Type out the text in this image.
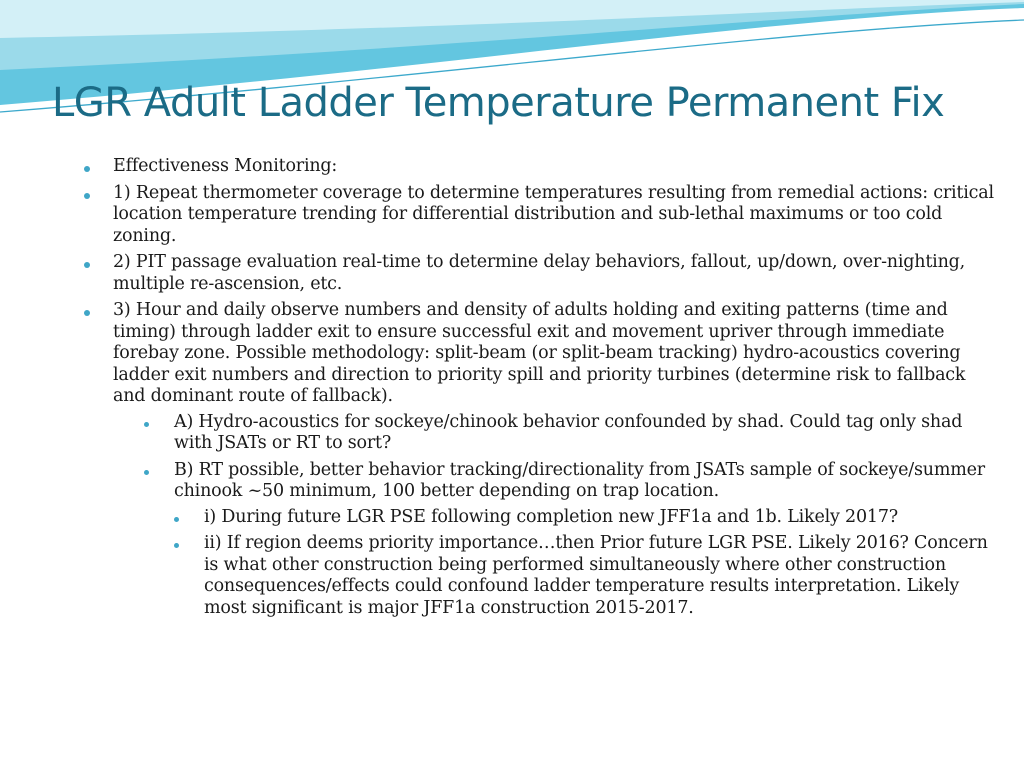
LGR Adult Ladder Temperature Permanent Fix
Effectiveness Monitoring:
1) Repeat thermometer coverage to determine temperatures resulting from remedial actions: critical location temperature trending for differential distribution and sub-lethal maximums or too cold zoning.
2) PIT passage evaluation real-time to determine delay behaviors, fallout, up/down, over-nighting, multiple re-ascension, etc.
3) Hour and daily observe numbers and density of adults holding and exiting patterns (time and timing) through ladder exit to ensure successful exit and movement upriver through immediate forebay zone. Possible methodology: split-beam (or split-beam tracking) hydro-acoustics covering ladder exit numbers and direction to priority spill and priority turbines (determine risk to fallback and dominant route of fallback).
A) Hydro-acoustics for sockeye/chinook behavior confounded by shad. Could tag only shad with JSATs or RT to sort?
B) RT possible, better behavior tracking/directionality from JSATs sample of sockeye/summer chinook ~50 minimum, 100 better depending on trap location.
i) During future LGR PSE following completion new JFF1a and 1b. Likely 2017?
ii) If region deems priority importance…then Prior future LGR PSE. Likely 2016? Concern is what other construction being performed simultaneously where other construction consequences/effects could confound ladder temperature results interpretation. Likely most significant is major JFF1a construction 2015-2017.
